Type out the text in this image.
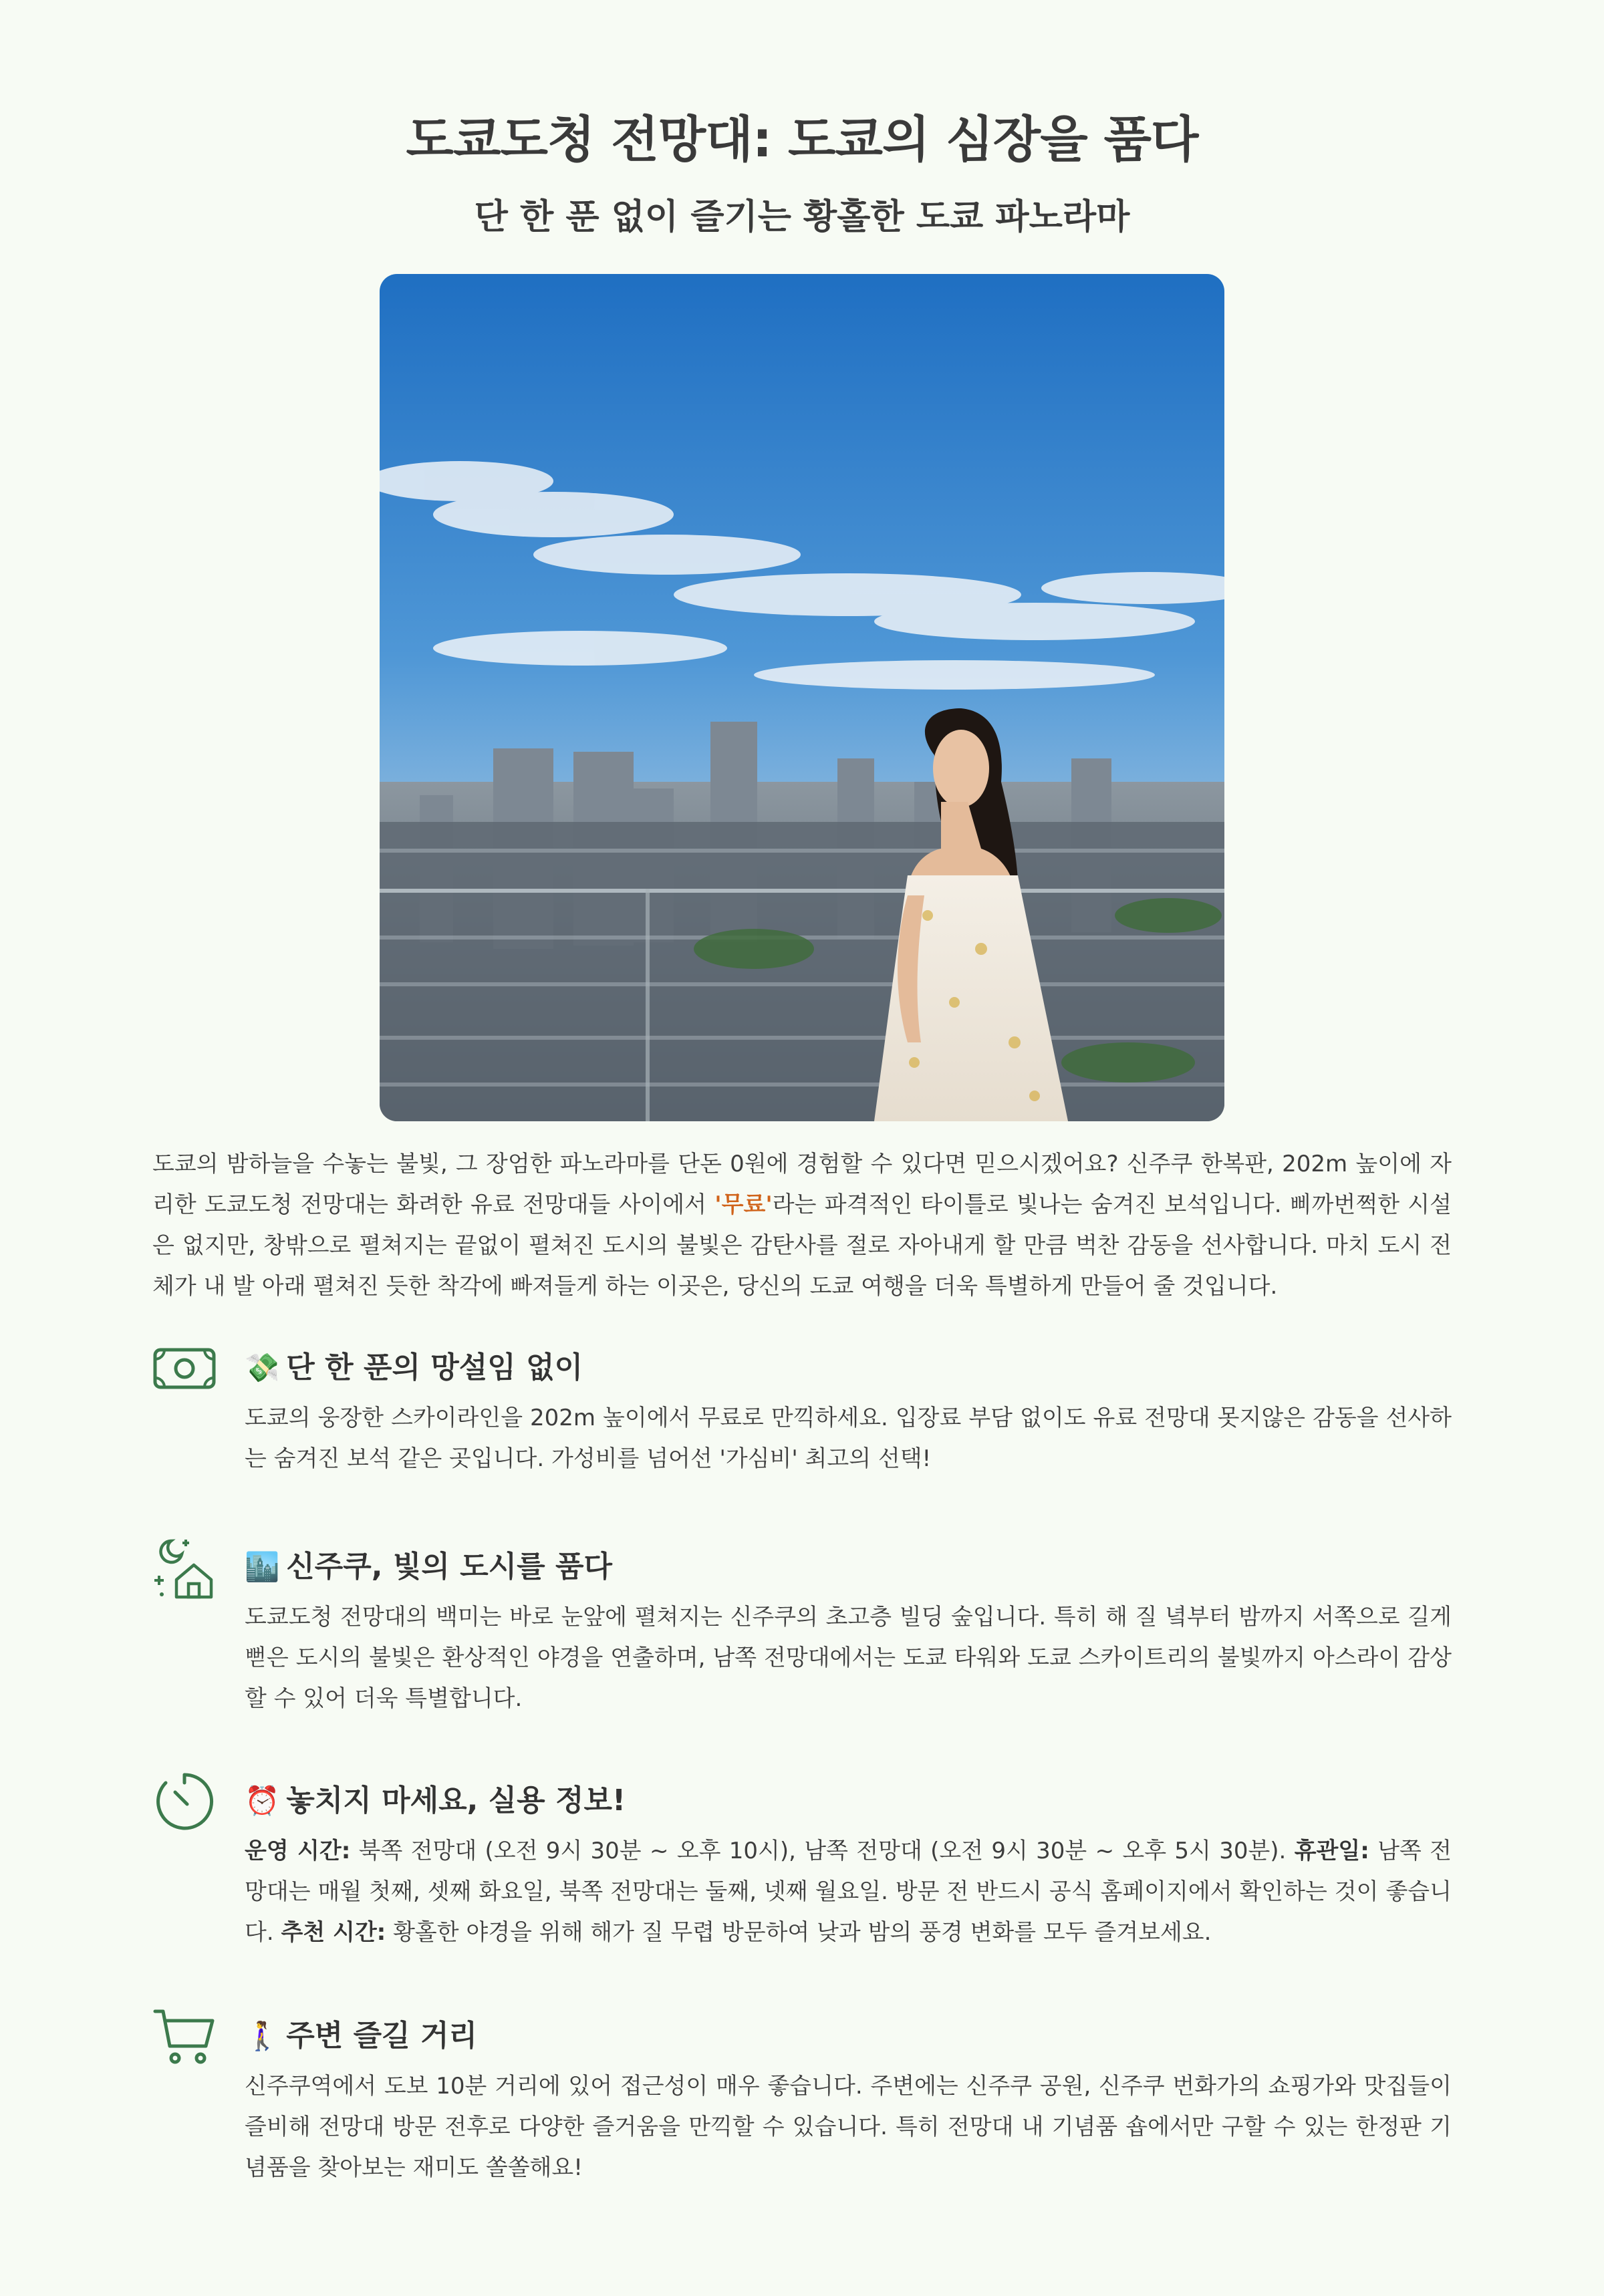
도쿄도청 전망대: 도쿄의 심장을 품다
단 한 푼 없이 즐기는 황홀한 도쿄 파노라마
도쿄의 밤하늘을 수놓는 불빛, 그 장엄한 파노라마를 단돈 0원에 경험할 수 있다면 믿으시겠어요? 신주쿠 한복판, 202m 높이에 자리한 도쿄도청 전망대는 화려한 유료 전망대들 사이에서 '무료'라는 파격적인 타이틀로 빛나는 숨겨진 보석입니다. 삐까번쩍한 시설은 없지만, 창밖으로 펼쳐지는 끝없이 펼쳐진 도시의 불빛은 감탄사를 절로 자아내게 할 만큼 벅찬 감동을 선사합니다. 마치 도시 전체가 내 발 아래 펼쳐진 듯한 착각에 빠져들게 하는 이곳은, 당신의 도쿄 여행을 더욱 특별하게 만들어 줄 것입니다.
💸 단 한 푼의 망설임 없이
도쿄의 웅장한 스카이라인을 202m 높이에서 무료로 만끽하세요. 입장료 부담 없이도 유료 전망대 못지않은 감동을 선사하는 숨겨진 보석 같은 곳입니다. 가성비를 넘어선 '가심비' 최고의 선택!
🏙️ 신주쿠, 빛의 도시를 품다
도쿄도청 전망대의 백미는 바로 눈앞에 펼쳐지는 신주쿠의 초고층 빌딩 숲입니다. 특히 해 질 녘부터 밤까지 서쪽으로 길게 뻗은 도시의 불빛은 환상적인 야경을 연출하며, 남쪽 전망대에서는 도쿄 타워와 도쿄 스카이트리의 불빛까지 아스라이 감상할 수 있어 더욱 특별합니다.
⏰ 놓치지 마세요, 실용 정보!
운영 시간: 북쪽 전망대 (오전 9시 30분 ~ 오후 10시), 남쪽 전망대 (오전 9시 30분 ~ 오후 5시 30분). 휴관일: 남쪽 전망대는 매월 첫째, 셋째 화요일, 북쪽 전망대는 둘째, 넷째 월요일. 방문 전 반드시 공식 홈페이지에서 확인하는 것이 좋습니다. 추천 시간: 황홀한 야경을 위해 해가 질 무렵 방문하여 낮과 밤의 풍경 변화를 모두 즐겨보세요.
🚶‍♀️ 주변 즐길 거리
신주쿠역에서 도보 10분 거리에 있어 접근성이 매우 좋습니다. 주변에는 신주쿠 공원, 신주쿠 번화가의 쇼핑가와 맛집들이 즐비해 전망대 방문 전후로 다양한 즐거움을 만끽할 수 있습니다. 특히 전망대 내 기념품 숍에서만 구할 수 있는 한정판 기념품을 찾아보는 재미도 쏠쏠해요!
